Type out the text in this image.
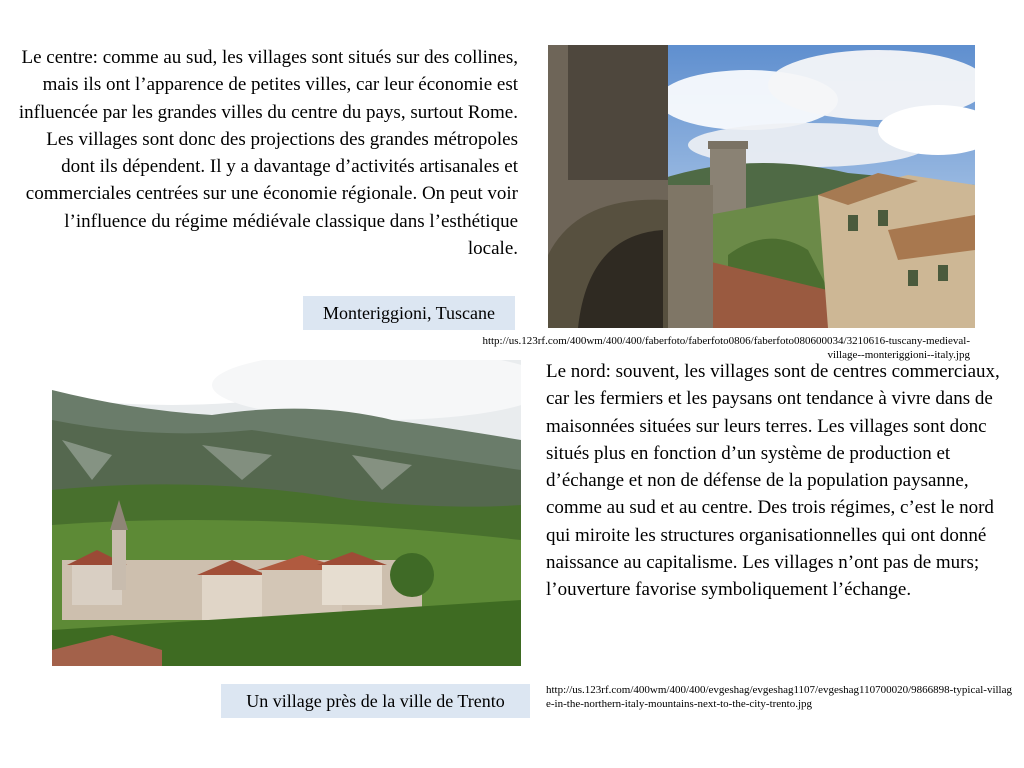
Le centre: comme au sud, les villages sont situés sur des collines, mais ils ont l’apparence de petites villes, car leur économie est influencée par les grandes villes du centre du pays, surtout Rome. Les villages sont donc des projections des grandes métropoles dont ils dépendent. Il y a davantage d’activités artisanales et commerciales centrées sur une économie régionale. On peut voir l’influence du régime médiévale classique dans l’esthétique locale.
Monteriggioni, Tuscane
http://us.123rf.com/400wm/400/400/faberfoto/faberfoto0806/faberfoto080600034/3210616-tuscany-medieval-village--monteriggioni--italy.jpg
Un village près de la ville de Trento
Le nord: souvent, les villages sont de centres commerciaux, car les fermiers et les paysans ont tendance à vivre dans de maisonnées situées sur leurs terres. Les villages sont donc situés plus en fonction d’un système de production et d’échange et non de défense de la population paysanne, comme au sud et au centre. Des trois régimes, c’est le nord qui miroite les structures organisationnelles qui ont donné naissance au capitalisme. Les villages n’ont pas de murs; l’ouverture favorise symboliquement l’échange.
http://us.123rf.com/400wm/400/400/evgeshag/evgeshag1107/evgeshag110700020/9866898-typical-village-in-the-northern-italy-mountains-next-to-the-city-trento.jpg
